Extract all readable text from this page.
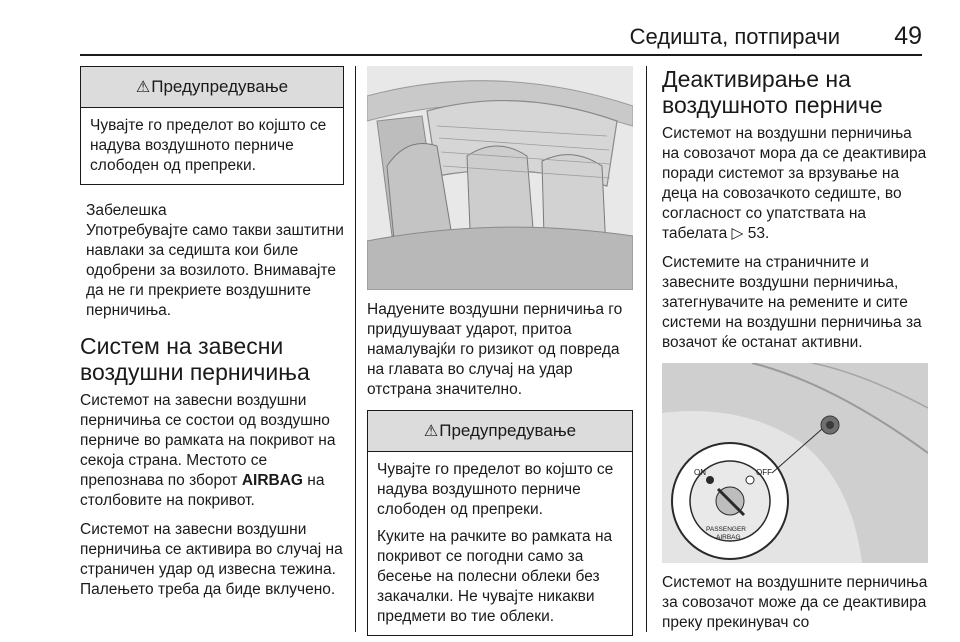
Седишта, потпирачи 49
⚠Предупредување

Чувајте го пределот во којшто се надува воздушното перниче слободен од препреки.

Забелешка

Употребувајте само такви заштитни навлаки за седишта кои биле одобрени за возилото. Внимавајте да не ги прекриете воздушните перничиња.

Систем на завесни воздушни перничиња

Системот на завесни воздушни перничиња се состои од воздушно перниче во рамката на покривот на секоја страна. Местото се препознава по зборот AIRBAG на столбовите на покривот.

Системот на завесни воздушни перничиња се активира во случај на страничен удар од извесна тежина. Палењето треба да биде вклучено.

Надуените воздушни перничиња го придушуваат ударот, притоа намалувајќи го ризикот од повреда на главата во случај на удар отстрана значително.

⚠Предупредување

Чувајте го пределот во којшто се надува воздушното перниче слободен од препреки.

Куките на рачките во рамката на покривот се погодни само за бесење на полесни облеки без закачалки. Не чувајте никакви предмети во тие облеки.

Деактивирање на воздушното перниче

Системот на воздушни перничиња на совозачот мора да се деактивира поради системот за врзување на деца на совозачкото седиште, во согласност со упатствата на табелата ▷ 53.

Системите на страничните и завесните воздушни перничиња, затегнувачите на ремените и сите системи на воздушни перничиња за возачот ќе останат активни.

ON	OFF
PASSENGER
AIRBAG

Системот на воздушните перничиња за совозачот може да се деактивира преку прекинувач со
